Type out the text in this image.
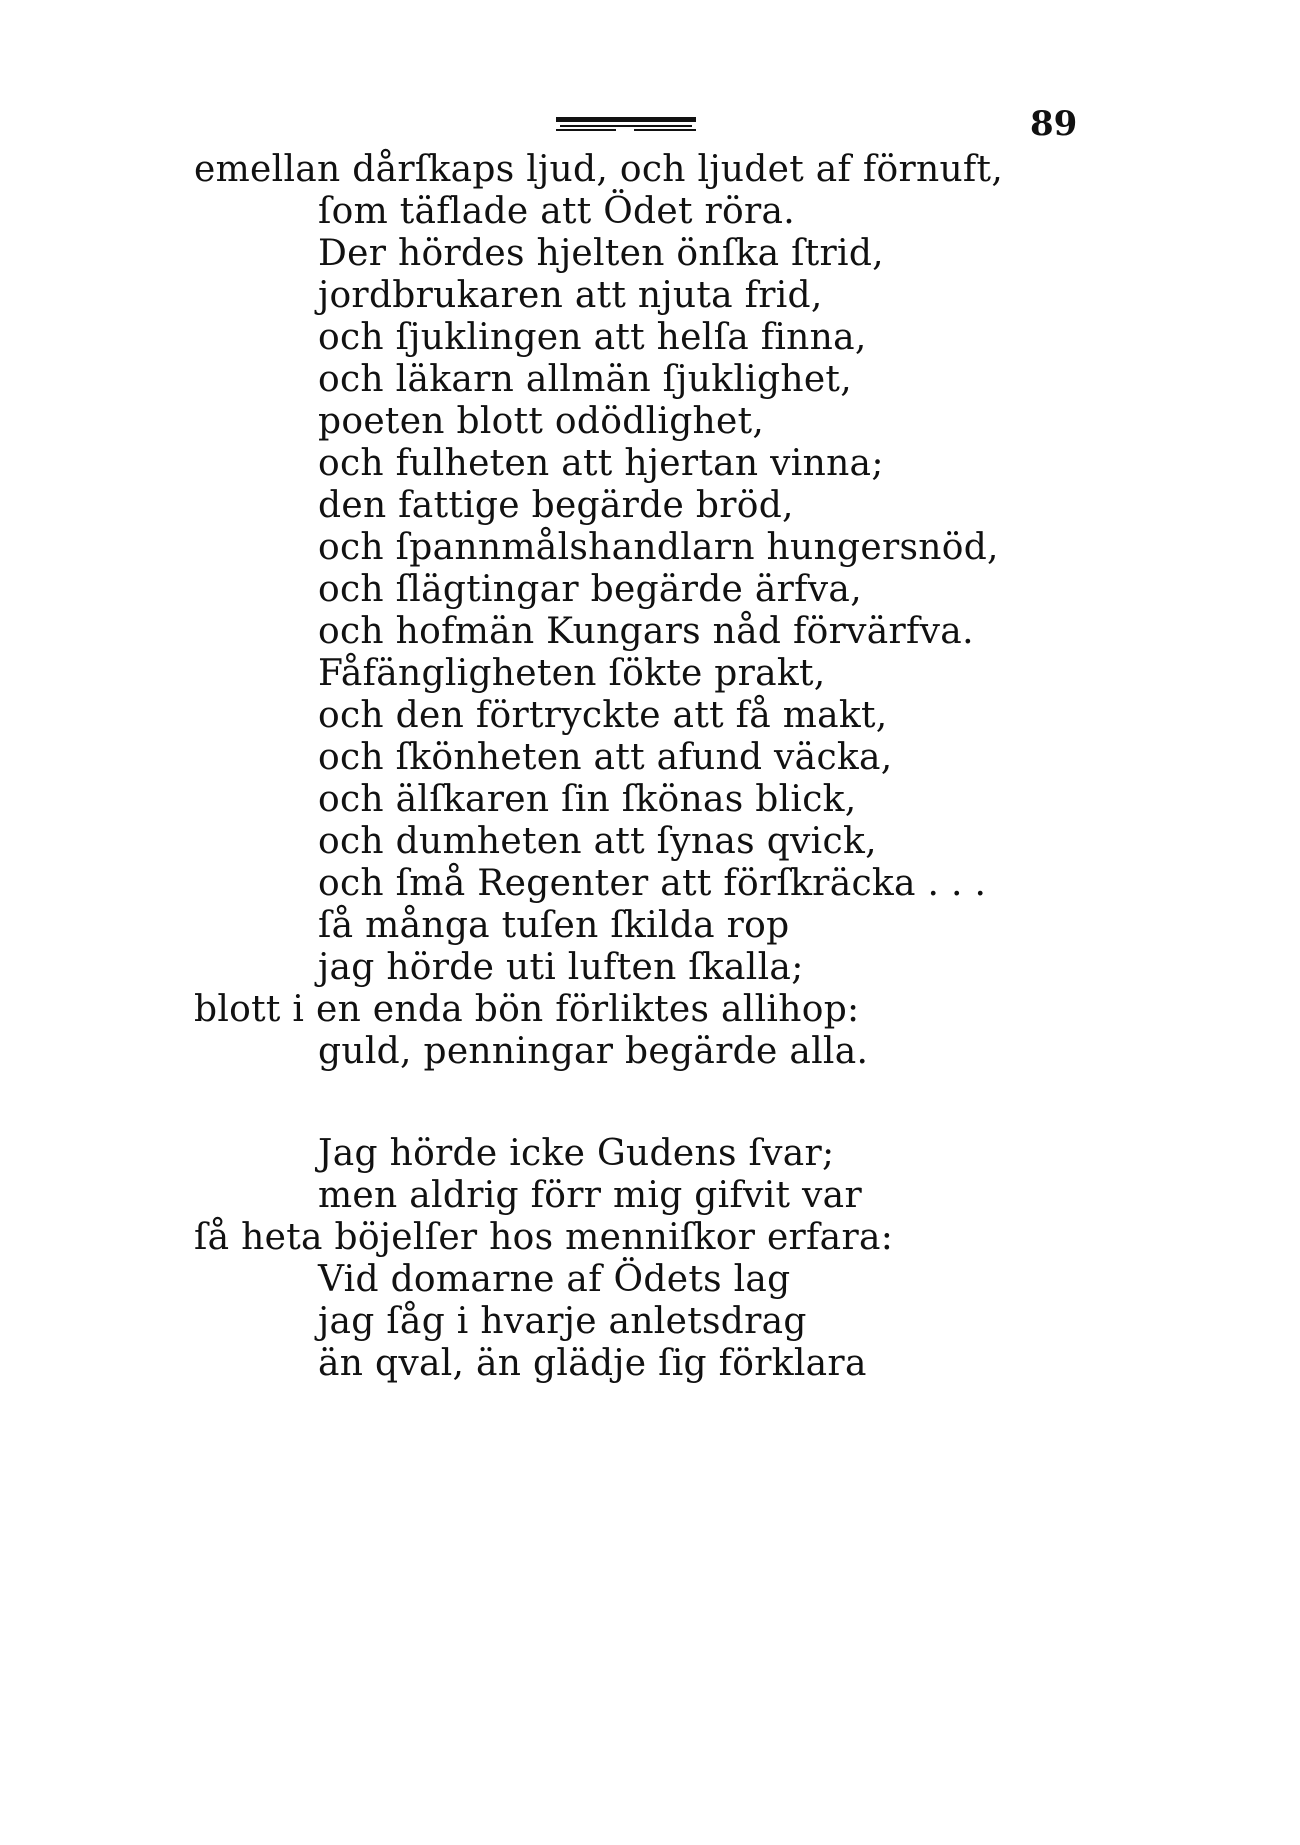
89
emellan dårſkaps ljud, och ljudet af förnuft,
ſom täflade att Ödet röra.
Der hördes hjelten önſka ſtrid,
jordbrukaren att njuta frid,
och ſjuklingen att helſa finna,
och läkarn allmän ſjuklighet,
poeten blott odödlighet,
och fulheten att hjertan vinna;
den fattige begärde bröd,
och ſpannmålshandlarn hungersnöd,
och ſlägtingar begärde ärfva,
och hofmän Kungars nåd förvärfva.
Fåfängligheten ſökte prakt,
och den förtryckte att få makt,
och ſkönheten att afund väcka,
och älſkaren ſin ſkönas blick,
och dumheten att ſynas qvick,
och ſmå Regenter att förſkräcka . . .
ſå många tuſen ſkilda rop
jag hörde uti luften ſkalla;
blott i en enda bön förliktes allihop:
guld, penningar begärde alla.
Jag hörde icke Gudens ſvar;
men aldrig förr mig gifvit var
ſå heta böjelſer hos menniſkor erfara:
Vid domarne af Ödets lag
jag ſåg i hvarje anletsdrag
än qval, än glädje ſig förklara
